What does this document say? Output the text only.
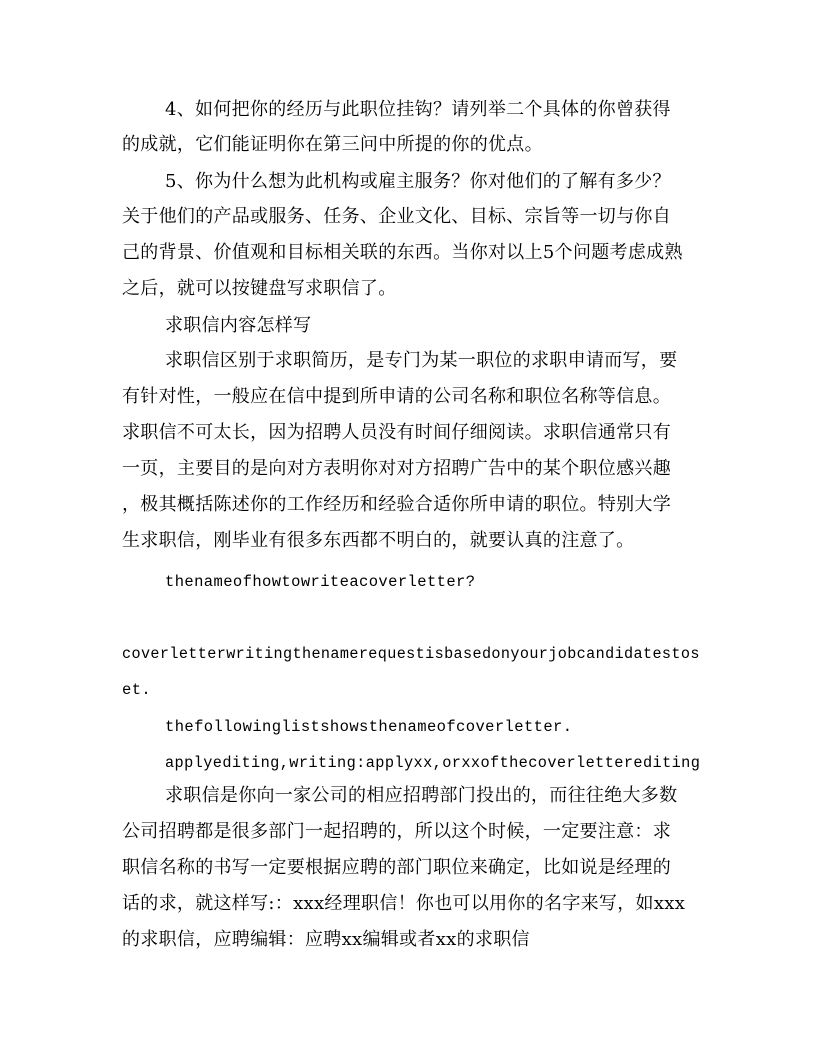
4、如何把你的经历与此职位挂钩？请列举二个具体的你曾获得
的成就，它们能证明你在第三问中所提的你的优点。
5、你为什么想为此机构或雇主服务？你对他们的了解有多少？
关于他们的产品或服务、任务、企业文化、目标、宗旨等一切与你自
己的背景、价值观和目标相关联的东西。当你对以上5个问题考虑成熟
之后，就可以按键盘写求职信了。
求职信内容怎样写
求职信区别于求职简历，是专门为某一职位的求职申请而写，要
有针对性，一般应在信中提到所申请的公司名称和职位名称等信息。
求职信不可太长，因为招聘人员没有时间仔细阅读。求职信通常只有
一页，主要目的是向对方表明你对对方招聘广告中的某个职位感兴趣
，极其概括陈述你的工作经历和经验合适你所申请的职位。特别大学
生求职信，刚毕业有很多东西都不明白的，就要认真的注意了。
thenameofhowtowriteacoverletter?
coverletterwritingthenamerequestisbasedonyourjobcandidatestos
et.
thefollowinglistshowsthenameofcoverletter.
applyediting,writing:applyxx,orxxofthecoverletterediting
求职信是你向一家公司的相应招聘部门投出的，而往往绝大多数
公司招聘都是很多部门一起招聘的，所以这个时候，一定要注意：求
职信名称的书写一定要根据应聘的部门职位来确定，比如说是经理的
话的求，就这样写:：xxx经理职信！你也可以用你的名字来写，如xxx
的求职信，应聘编辑：应聘xx编辑或者xx的求职信
